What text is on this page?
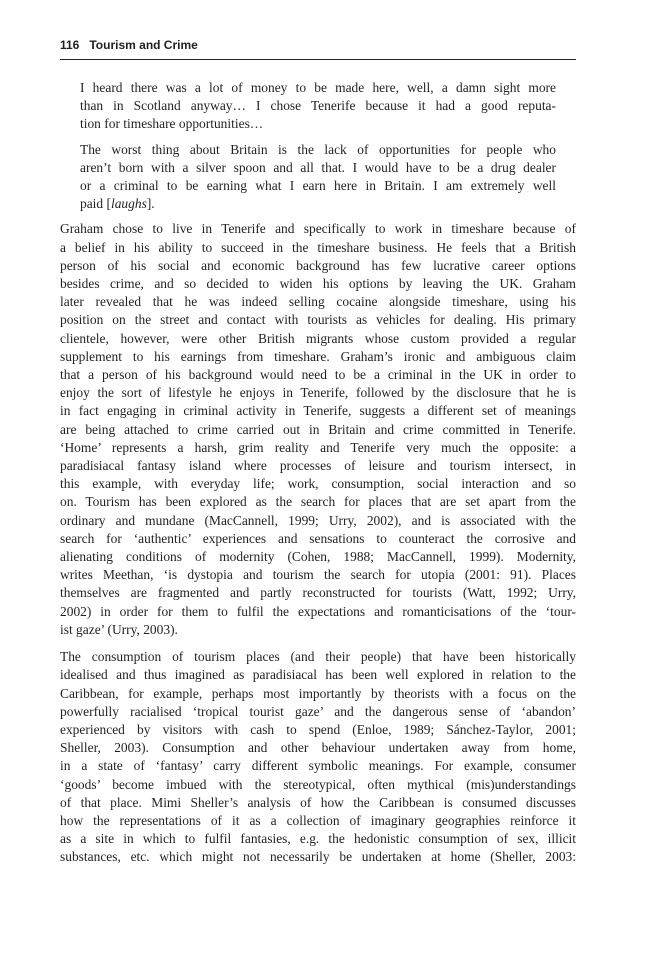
116 Tourism and Crime
I heard there was a lot of money to be made here, well, a damn sight more
than in Scotland anyway… I chose Tenerife because it had a good reputa-
tion for timeshare opportunities…
The worst thing about Britain is the lack of opportunities for people who
aren’t born with a silver spoon and all that. I would have to be a drug dealer
or a criminal to be earning what I earn here in Britain. I am extremely well
paid [laughs].
Graham chose to live in Tenerife and specifically to work in timeshare because of
a belief in his ability to succeed in the timeshare business. He feels that a British
person of his social and economic background has few lucrative career options
besides crime, and so decided to widen his options by leaving the UK. Graham
later revealed that he was indeed selling cocaine alongside timeshare, using his
position on the street and contact with tourists as vehicles for dealing. His primary
clientele, however, were other British migrants whose custom provided a regular
supplement to his earnings from timeshare. Graham’s ironic and ambiguous claim
that a person of his background would need to be a criminal in the UK in order to
enjoy the sort of lifestyle he enjoys in Tenerife, followed by the disclosure that he is
in fact engaging in criminal activity in Tenerife, suggests a different set of meanings
are being attached to crime carried out in Britain and crime committed in Tenerife.
‘Home’ represents a harsh, grim reality and Tenerife very much the opposite: a
paradisiacal fantasy island where processes of leisure and tourism intersect, in
this example, with everyday life; work, consumption, social interaction and so
on. Tourism has been explored as the search for places that are set apart from the
ordinary and mundane (MacCannell, 1999; Urry, 2002), and is associated with the
search for ‘authentic’ experiences and sensations to counteract the corrosive and
alienating conditions of modernity (Cohen, 1988; MacCannell, 1999). Modernity,
writes Meethan, ‘is dystopia and tourism the search for utopia (2001: 91). Places
themselves are fragmented and partly reconstructed for tourists (Watt, 1992; Urry,
2002) in order for them to fulfil the expectations and romanticisations of the ‘tour-
ist gaze’ (Urry, 2003).
The consumption of tourism places (and their people) that have been historically
idealised and thus imagined as paradisiacal has been well explored in relation to the
Caribbean, for example, perhaps most importantly by theorists with a focus on the
powerfully racialised ‘tropical tourist gaze’ and the dangerous sense of ‘abandon’
experienced by visitors with cash to spend (Enloe, 1989; Sánchez-Taylor, 2001;
Sheller, 2003). Consumption and other behaviour undertaken away from home,
in a state of ‘fantasy’ carry different symbolic meanings. For example, consumer
‘goods’ become imbued with the stereotypical, often mythical (mis)understandings
of that place. Mimi Sheller’s analysis of how the Caribbean is consumed discusses
how the representations of it as a collection of imaginary geographies reinforce it
as a site in which to fulfil fantasies, e.g. the hedonistic consumption of sex, illicit
substances, etc. which might not necessarily be undertaken at home (Sheller, 2003:
